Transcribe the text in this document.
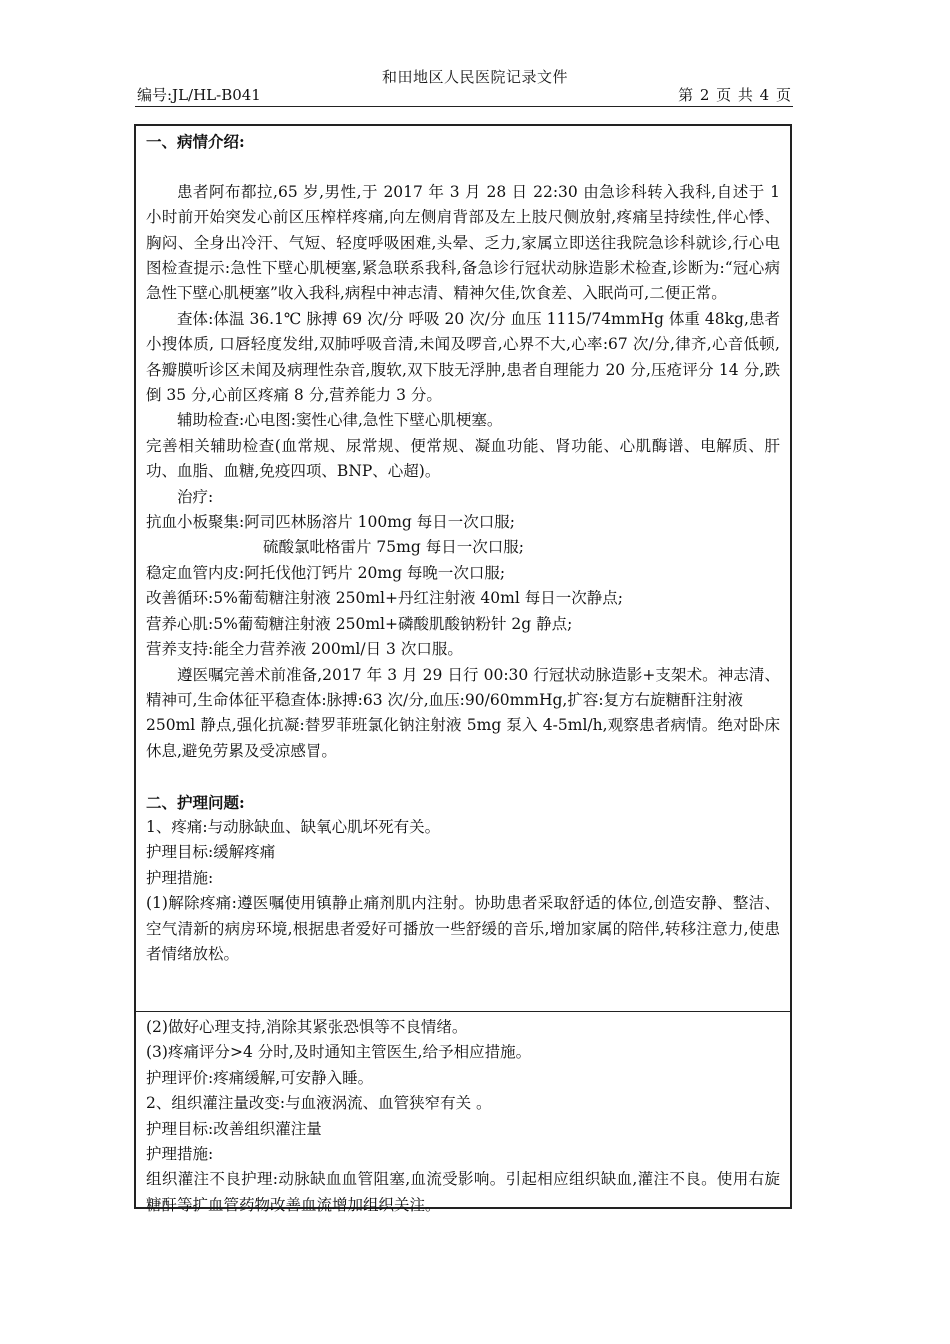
和田地区人民医院记录文件
编号:JL/HL-B041	第 2 页 共 4 页

一、病情介绍:

患者阿布都拉,65 岁,男性,于 2017 年 3 月 28 日 22:30 由急诊科转入我科,自述于 1 小时前开始突发心前区压榨样疼痛,向左侧肩背部及左上肢尺侧放射,疼痛呈持续性,伴心悸、胸闷、全身出冷汗、气短、轻度呼吸困难,头晕、乏力,家属立即送往我院急诊科就诊,行心电图检查提示:急性下壁心肌梗塞,紧急联系我科,备急诊行冠状动脉造影术检查,诊断为:“冠心病 急性下壁心肌梗塞”收入我科,病程中神志清、精神欠佳,饮食差、入眠尚可,二便正常。

查体:体温 36.1℃ 脉搏 69 次/分 呼吸 20 次/分 血压 1115/74mmHg 体重 48kg,患者小搜体质, 口唇轻度发绀,双肺呼吸音清,未闻及啰音,心界不大,心率:67 次/分,律齐,心音低顿,各瓣膜听诊区未闻及病理性杂音,腹软,双下肢无浮肿,患者自理能力 20 分,压疮评分 14 分,跌倒 35 分,心前区疼痛 8 分,营养能力 3 分。

辅助检查:心电图:窦性心律,急性下壁心肌梗塞。

完善相关辅助检查(血常规、尿常规、便常规、凝血功能、肾功能、心肌酶谱、电解质、肝功、血脂、血糖,免疫四项、BNP、心超)。

治疗:

抗血小板聚集:阿司匹林肠溶片 100mg 每日一次口服;

硫酸氯吡格雷片 75mg 每日一次口服;

稳定血管内皮:阿托伐他汀钙片 20mg 每晚一次口服;

改善循环:5%葡萄糖注射液 250ml+丹红注射液 40ml 每日一次静点;

营养心肌:5%葡萄糖注射液 250ml+磷酸肌酸钠粉针 2g 静点;

营养支持:能全力营养液 200ml/日 3 次口服。

遵医嘱完善术前准备,2017 年 3 月 29 日行 00:30 行冠状动脉造影+支架术。神志清、精神可,生命体征平稳查体:脉搏:63 次/分,血压:90/60mmHg,扩容:复方右旋糖酐注射液

250ml 静点,强化抗凝:替罗菲班氯化钠注射液 5mg 泵入 4-5ml/h,观察患者病情。绝对卧床休息,避免劳累及受凉感冒。

二、护理问题:

1、疼痛:与动脉缺血、缺氧心肌坏死有关。

护理目标:缓解疼痛

护理措施:

(1)解除疼痛:遵医嘱使用镇静止痛剂肌内注射。协助患者采取舒适的体位,创造安静、整洁、空气清新的病房环境,根据患者爱好可播放一些舒缓的音乐,增加家属的陪伴,转移注意力,使患者情绪放松。

(2)做好心理支持,消除其紧张恐惧等不良情绪。

(3)疼痛评分>4 分时,及时通知主管医生,给予相应措施。

护理评价:疼痛缓解,可安静入睡。

2、组织灌注量改变:与血液涡流、血管狭窄有关 。

护理目标:改善组织灌注量

护理措施:

组织灌注不良护理:动脉缺血血管阻塞,血流受影响。引起相应组织缺血,灌注不良。使用右旋糖酐等扩血管药物改善血流增加组织关注。
